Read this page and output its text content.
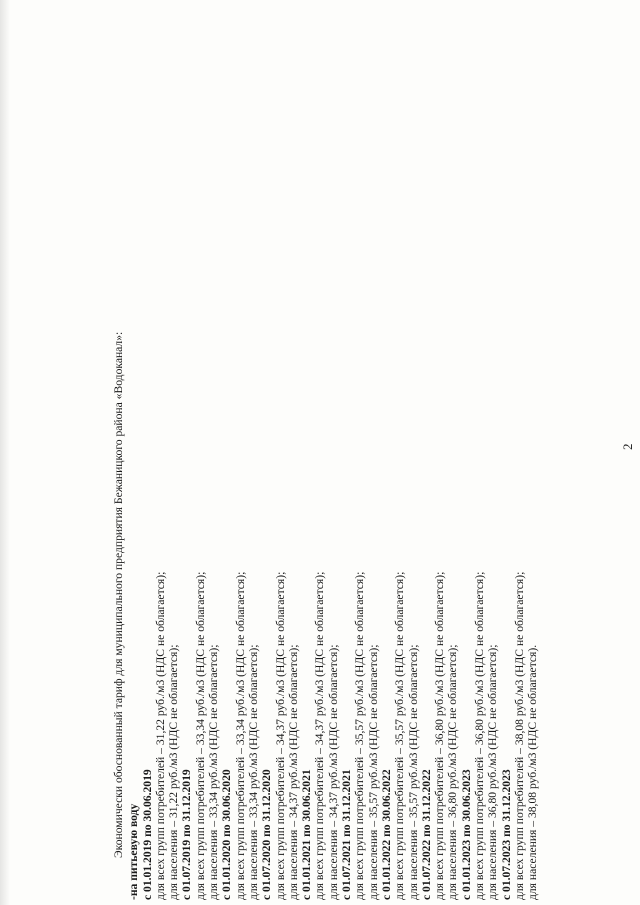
2
Экономически обоснованный тариф для муниципального предприятия Бежаницкого района «Водоканал»: -на питьевую воду с 01.01.2019 по 30.06.2019 для всех групп потребителей – 31,22 руб./м3 (НДС не облагается); для населения – 31,22 руб./м3 (НДС не облагается); с 01.07.2019 по 31.12.2019 для всех групп потребителей – 33,34 руб./м3 (НДС не облагается); для населения – 33,34 руб./м3 (НДС не облагается); с 01.01.2020 по 30.06.2020 для всех групп потребителей – 33,34 руб./м3 (НДС не облагается); для населения – 33,34 руб./м3 (НДС не облагается); с 01.07.2020 по 31.12.2020 для всех групп потребителей – 34,37 руб./м3 (НДС не облагается); для населения – 34,37 руб./м3 (НДС не облагается); с 01.01.2021 по 30.06.2021 для всех групп потребителей – 34,37 руб./м3 (НДС не облагается); для населения – 34,37 руб./м3 (НДС не облагается); с 01.07.2021 по 31.12.2021 для всех групп потребителей – 35,57 руб./м3 (НДС не облагается); для населения – 35,57 руб./м3 (НДС не облагается); с 01.01.2022 по 30.06.2022 для всех групп потребителей – 35,57 руб./м3 (НДС не облагается); для населения – 35,57 руб./м3 (НДС не облагается); с 01.07.2022 по 31.12.2022 для всех групп потребителей – 36,80 руб./м3 (НДС не облагается); для населения – 36,80 руб./м3 (НДС не облагается); с 01.01.2023 по 30.06.2023 для всех групп потребителей – 36,80 руб./м3 (НДС не облагается); для населения – 36,80 руб./м3 (НДС не облагается); с 01.07.2023 по 31.12.2023 для всех групп потребителей – 38,08 руб./м3 (НДС не облагается); для населения – 38,08 руб./м3 (НДС не облагается).
